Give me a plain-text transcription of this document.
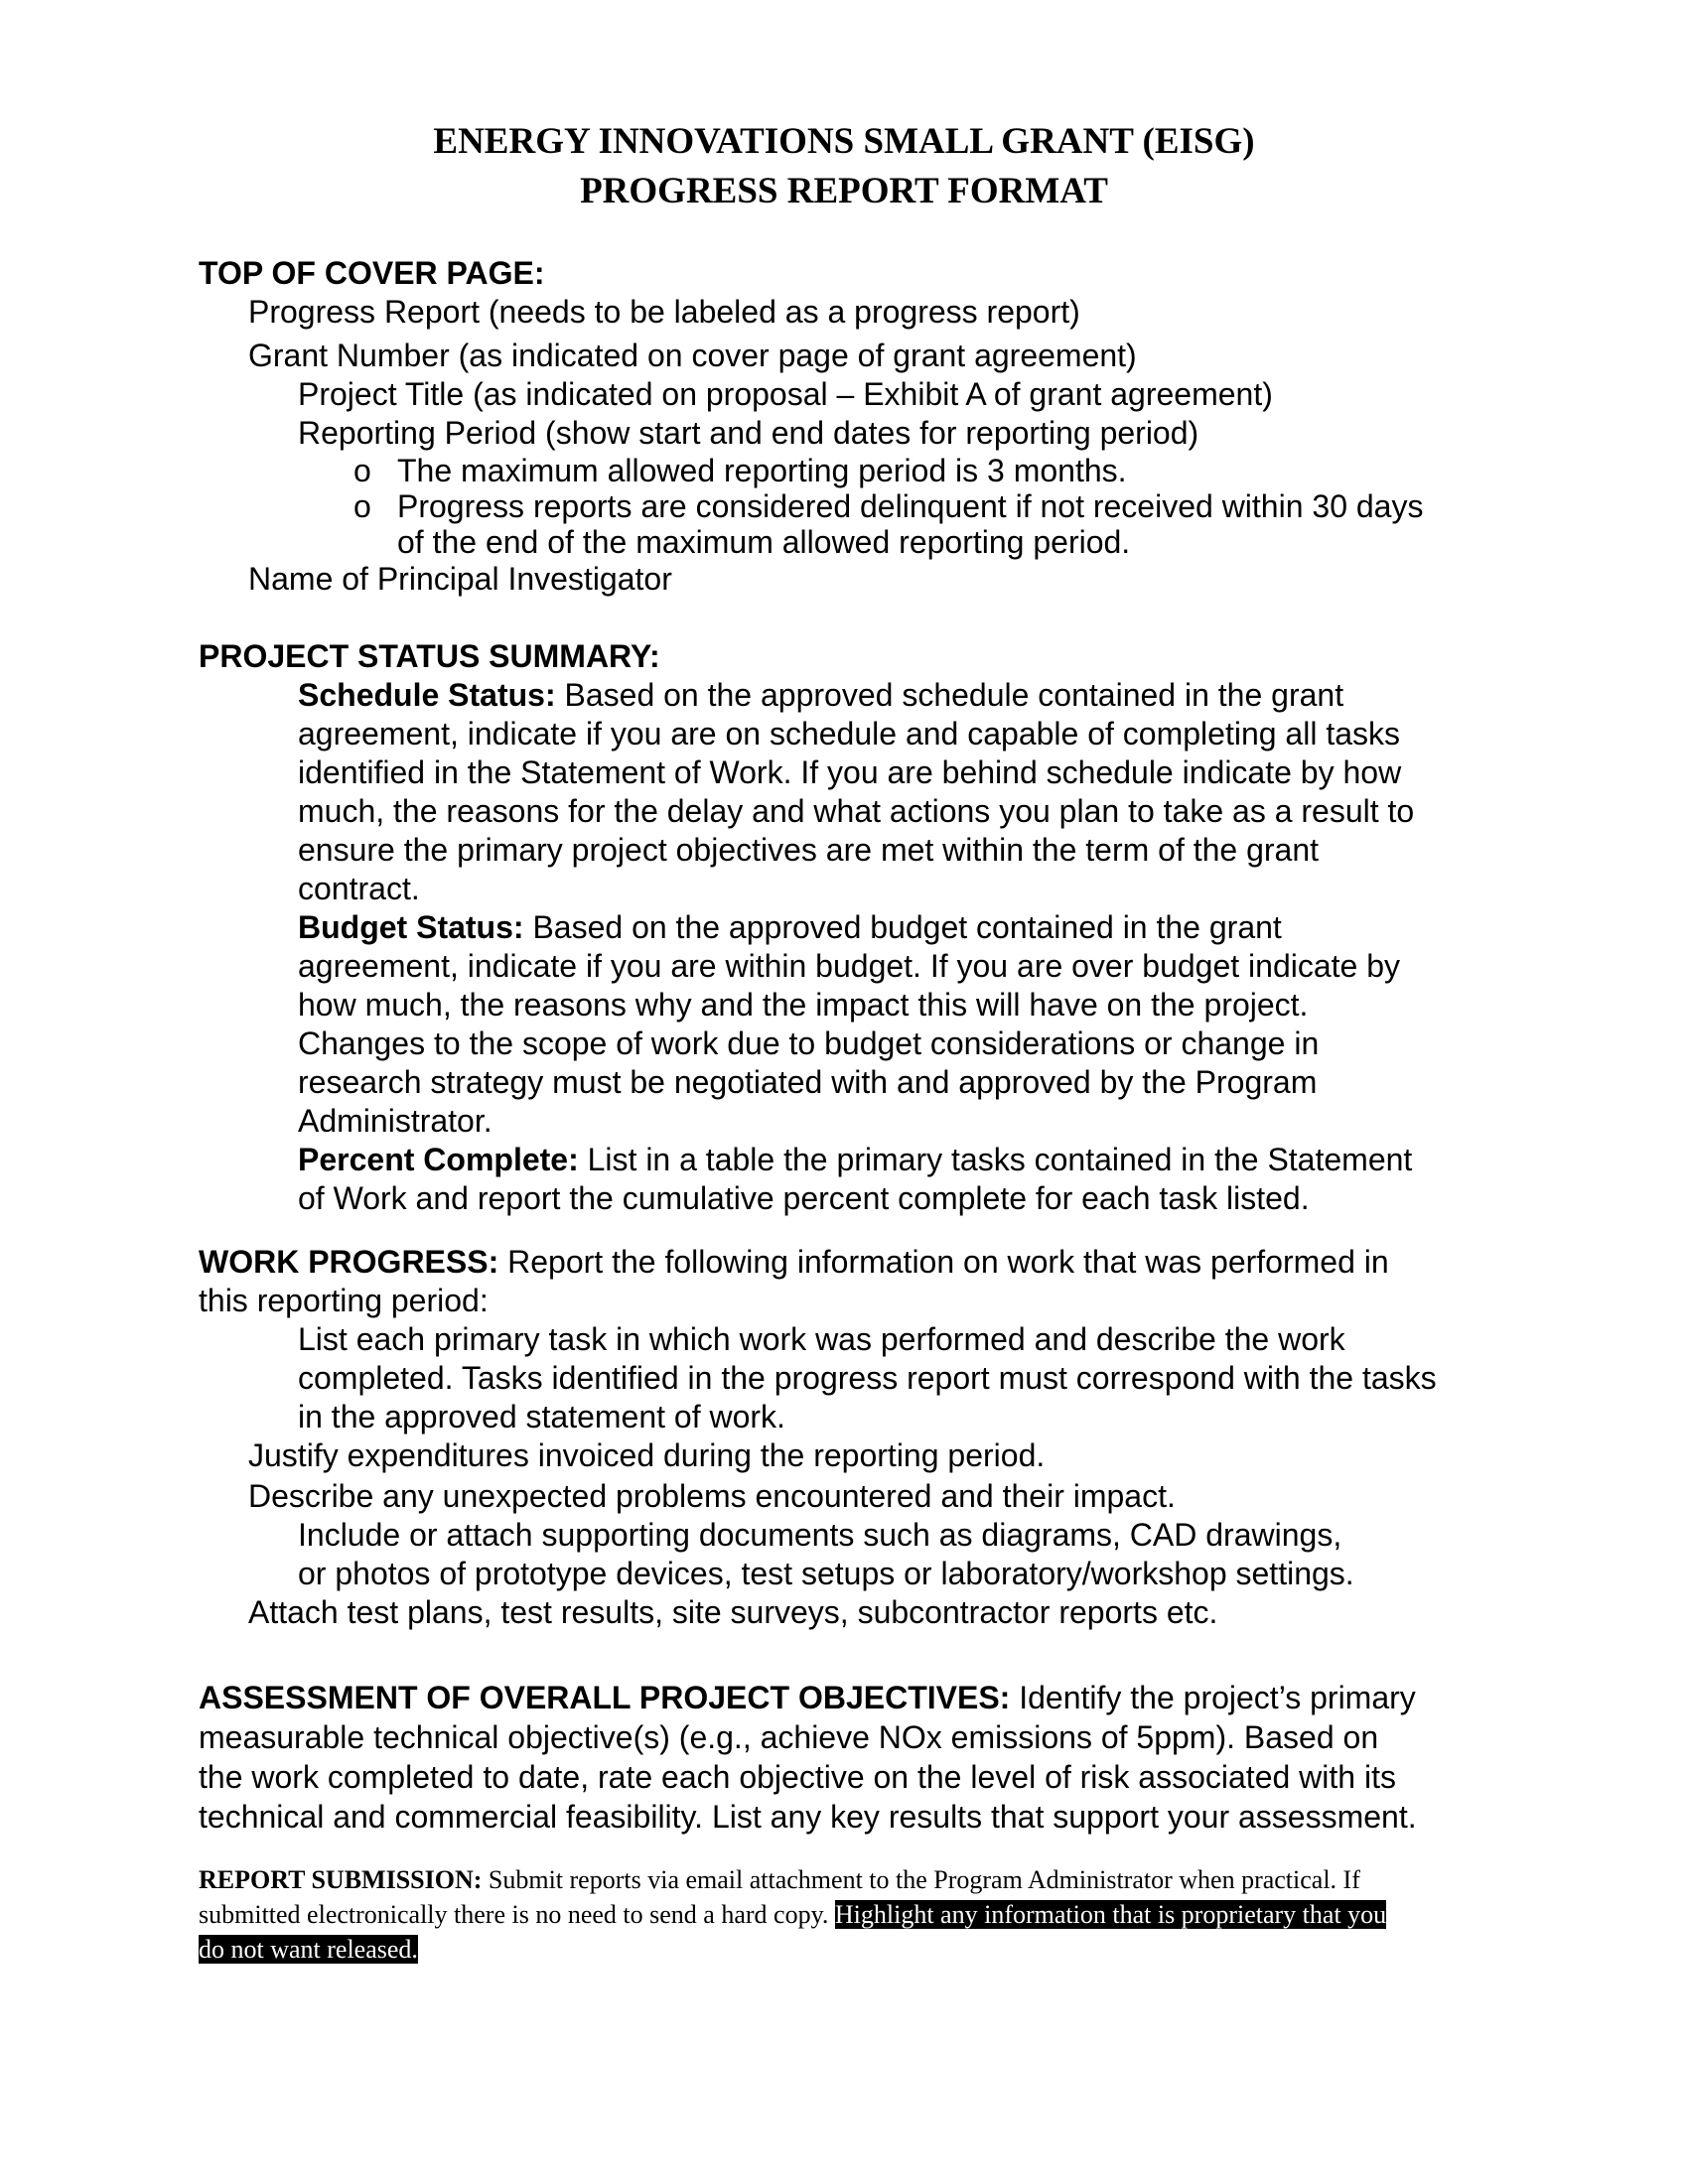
ENERGY INNOVATIONS SMALL GRANT (EISG)
PROGRESS REPORT FORMAT
TOP OF COVER PAGE:
Progress Report (needs to be labeled as a progress report)
Grant Number (as indicated on cover page of grant agreement)
Project Title (as indicated on proposal – Exhibit A of grant agreement)
Reporting Period (show start and end dates for reporting period)
o The maximum allowed reporting period is 3 months.
o Progress reports are considered delinquent if not received within 30 days
of the end of the maximum allowed reporting period.
Name of Principal Investigator
PROJECT STATUS SUMMARY:
Schedule Status: Based on the approved schedule contained in the grant
agreement, indicate if you are on schedule and capable of completing all tasks
identified in the Statement of Work. If you are behind schedule indicate by how
much, the reasons for the delay and what actions you plan to take as a result to
ensure the primary project objectives are met within the term of the grant
contract.
Budget Status: Based on the approved budget contained in the grant
agreement, indicate if you are within budget. If you are over budget indicate by
how much, the reasons why and the impact this will have on the project.
Changes to the scope of work due to budget considerations or change in
research strategy must be negotiated with and approved by the Program
Administrator.
Percent Complete: List in a table the primary tasks contained in the Statement
of Work and report the cumulative percent complete for each task listed.
WORK PROGRESS: Report the following information on work that was performed in
this reporting period:
List each primary task in which work was performed and describe the work
completed. Tasks identified in the progress report must correspond with the tasks
in the approved statement of work.
Justify expenditures invoiced during the reporting period.
Describe any unexpected problems encountered and their impact.
Include or attach supporting documents such as diagrams, CAD drawings,
or photos of prototype devices, test setups or laboratory/workshop settings.
Attach test plans, test results, site surveys, subcontractor reports etc.
ASSESSMENT OF OVERALL PROJECT OBJECTIVES: Identify the project’s primary
measurable technical objective(s) (e.g., achieve NOx emissions of 5ppm). Based on
the work completed to date, rate each objective on the level of risk associated with its
technical and commercial feasibility. List any key results that support your assessment.
REPORT SUBMISSION: Submit reports via email attachment to the Program Administrator when practical. If
submitted electronically there is no need to send a hard copy. Highlight any information that is proprietary that you
do not want released.
